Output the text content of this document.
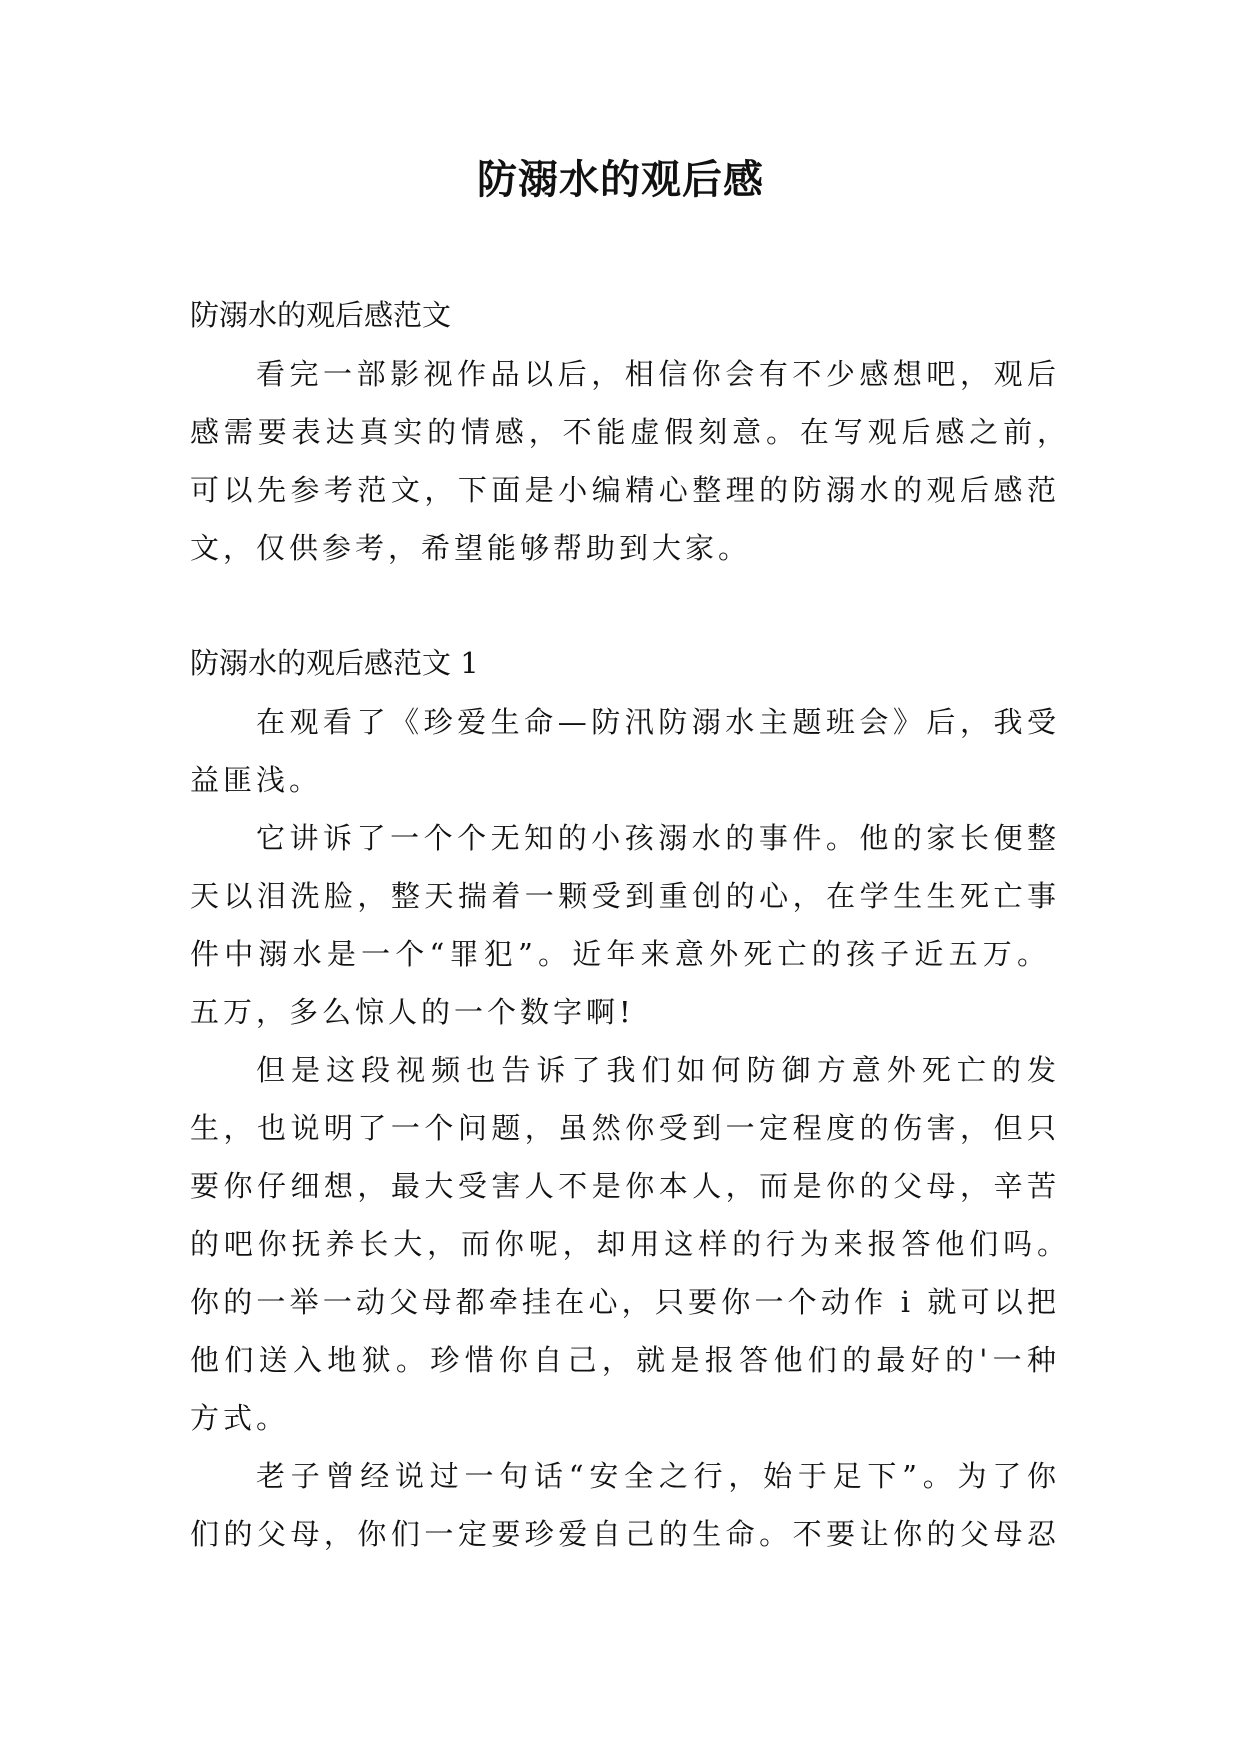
防溺水的观后感
防溺水的观后感范文
看完一部影视作品以后，相信你会有不少感想吧，观后
感需要表达真实的情感，不能虚假刻意。在写观后感之前，
可以先参考范文，下面是小编精心整理的防溺水的观后感范
文，仅供参考，希望能够帮助到大家。
防溺水的观后感范文 1
在观看了《珍爱生命—防汛防溺水主题班会》后，我受
益匪浅。
它讲诉了一个个无知的小孩溺水的事件。他的家长便整
天以泪洗脸，整天揣着一颗受到重创的心，在学生生死亡事
件中溺水是一个“罪犯”。近年来意外死亡的孩子近五万。
五万，多么惊人的一个数字啊!
但是这段视频也告诉了我们如何防御方意外死亡的发
生，也说明了一个问题，虽然你受到一定程度的伤害，但只
要你仔细想，最大受害人不是你本人，而是你的父母，辛苦
的吧你抚养长大，而你呢，却用这样的行为来报答他们吗。
你的一举一动父母都牵挂在心，只要你一个动作 i 就可以把
他们送入地狱。珍惜你自己，就是报答他们的最好的'一种
方式。
老子曾经说过一句话“安全之行，始于足下”。为了你
们的父母，你们一定要珍爱自己的生命。不要让你的父母忍
